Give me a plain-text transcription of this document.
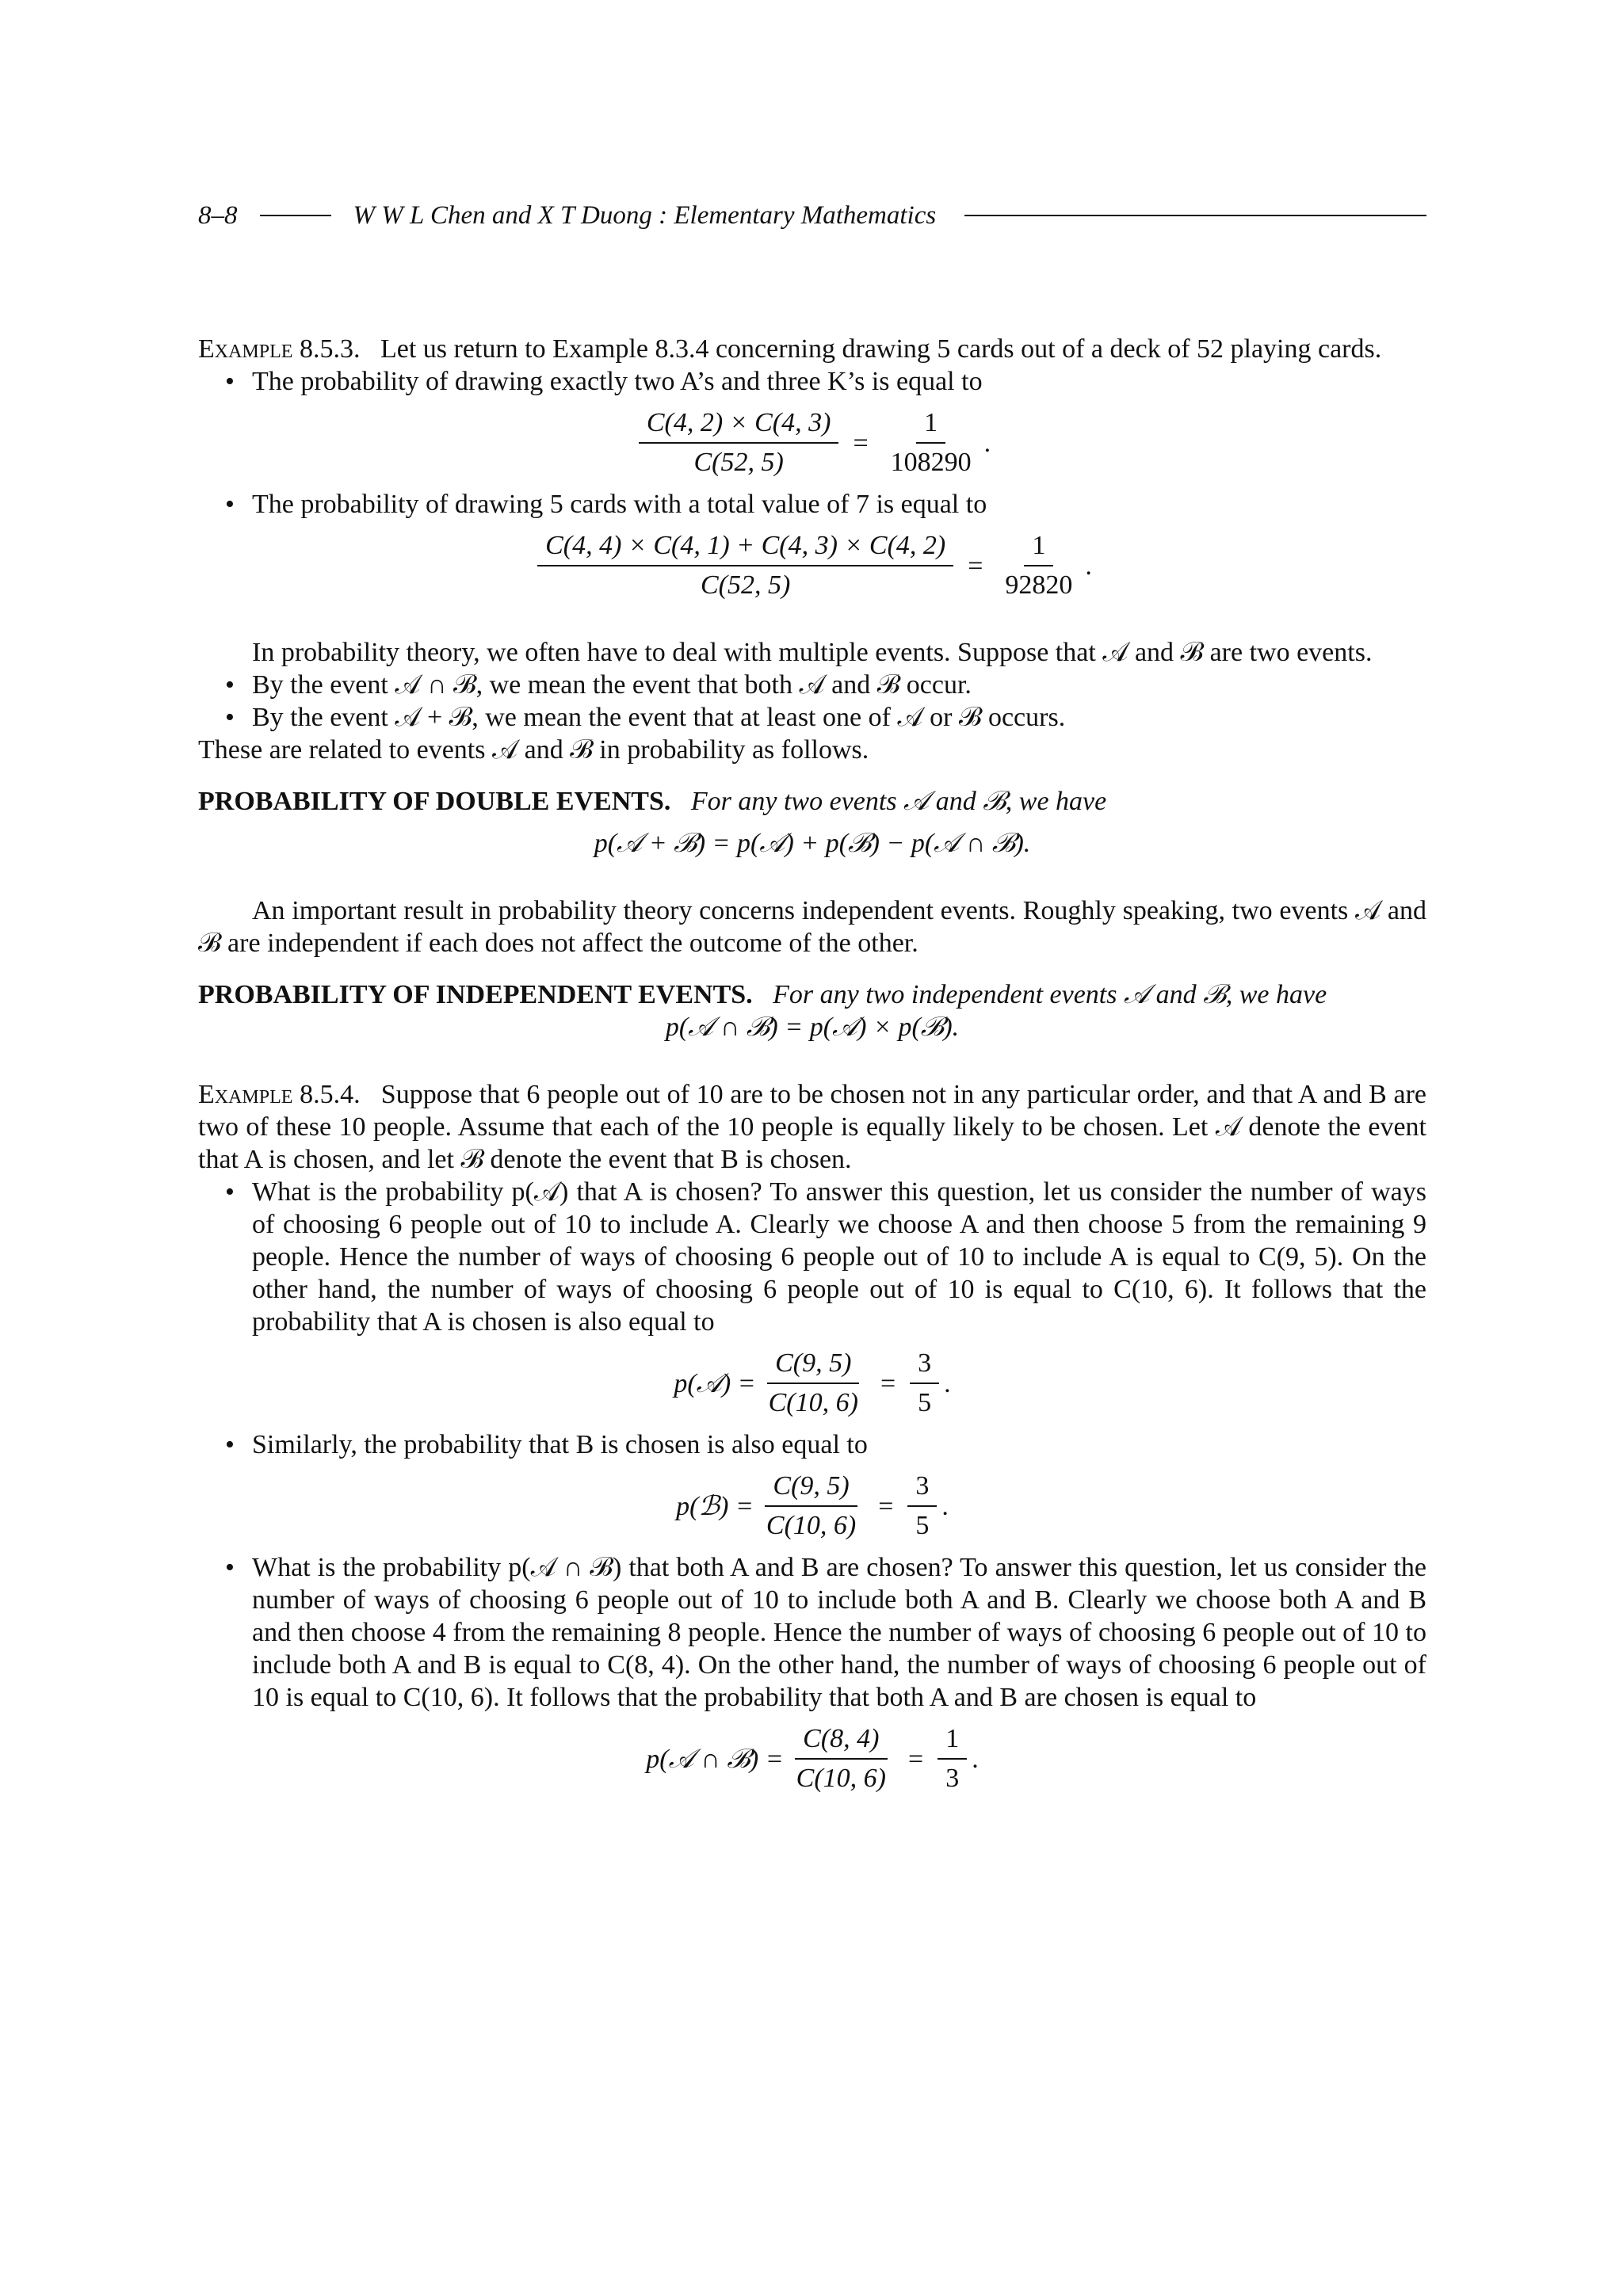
8–8	W W L Chen and X T Duong : Elementary Mathematics

Example 8.5.3. Let us return to Example 8.3.4 concerning drawing 5 cards out of a deck of 52 playing cards.

• The probability of drawing exactly two A’s and three K’s is equal to
$\frac{C(4, 2) \times C(4, 3)}{C(52, 5)} = \frac{1}{108290}$ .
• The probability of drawing 5 cards with a total value of 7 is equal to
$\frac{C(4, 4) \times C(4, 1) + C(4, 3) \times C(4, 2)}{C(52, 5)} = \frac{1}{92820}$ .

In probability theory, we often have to deal with multiple events. Suppose that 𝒜 and ℬ are two events.

• By the event 𝒜 ∩ ℬ, we mean the event that both 𝒜 and ℬ occur.
• By the event 𝒜 + ℬ, we mean the event that at least one of 𝒜 or ℬ occurs.

These are related to events 𝒜 and ℬ in probability as follows.

PROBABILITY OF DOUBLE EVENTS. For any two events 𝒜 and ℬ, we have

p(𝒜 + ℬ) = p(𝒜) + p(ℬ) − p(𝒜 ∩ ℬ).

An important result in probability theory concerns independent events. Roughly speaking, two events 𝒜 and ℬ are independent if each does not affect the outcome of the other.

PROBABILITY OF INDEPENDENT EVENTS. For any two independent events 𝒜 and ℬ, we have

p(𝒜 ∩ ℬ) = p(𝒜) × p(ℬ).

Example 8.5.4. Suppose that 6 people out of 10 are to be chosen not in any particular order, and that A and B are two of these 10 people. Assume that each of the 10 people is equally likely to be chosen. Let 𝒜 denote the event that A is chosen, and let ℬ denote the event that B is chosen.

• What is the probability p(𝒜) that A is chosen? To answer this question, let us consider the number of ways of choosing 6 people out of 10 to include A. Clearly we choose A and then choose 5 from the remaining 9 people. Hence the number of ways of choosing 6 people out of 10 to include A is equal to C(9, 5). On the other hand, the number of ways of choosing 6 people out of 10 is equal to C(10, 6). It follows that the probability that A is chosen is also equal to
p(𝒜) = $\frac{C(9, 5)}{C(10, 6)} = \frac{3}{5}$ .
• Similarly, the probability that B is chosen is also equal to
p(ℬ) = $\frac{C(9, 5)}{C(10, 6)} = \frac{3}{5}$ .
• What is the probability p(𝒜 ∩ ℬ) that both A and B are chosen? To answer this question, let us consider the number of ways of choosing 6 people out of 10 to include both A and B. Clearly we choose both A and B and then choose 4 from the remaining 8 people. Hence the number of ways of choosing 6 people out of 10 to include both A and B is equal to C(8, 4). On the other hand, the number of ways of choosing 6 people out of 10 is equal to C(10, 6). It follows that the probability that both A and B are chosen is equal to
p(𝒜 ∩ ℬ) = $\frac{C(8, 4)}{C(10, 6)} = \frac{1}{3}$ .
